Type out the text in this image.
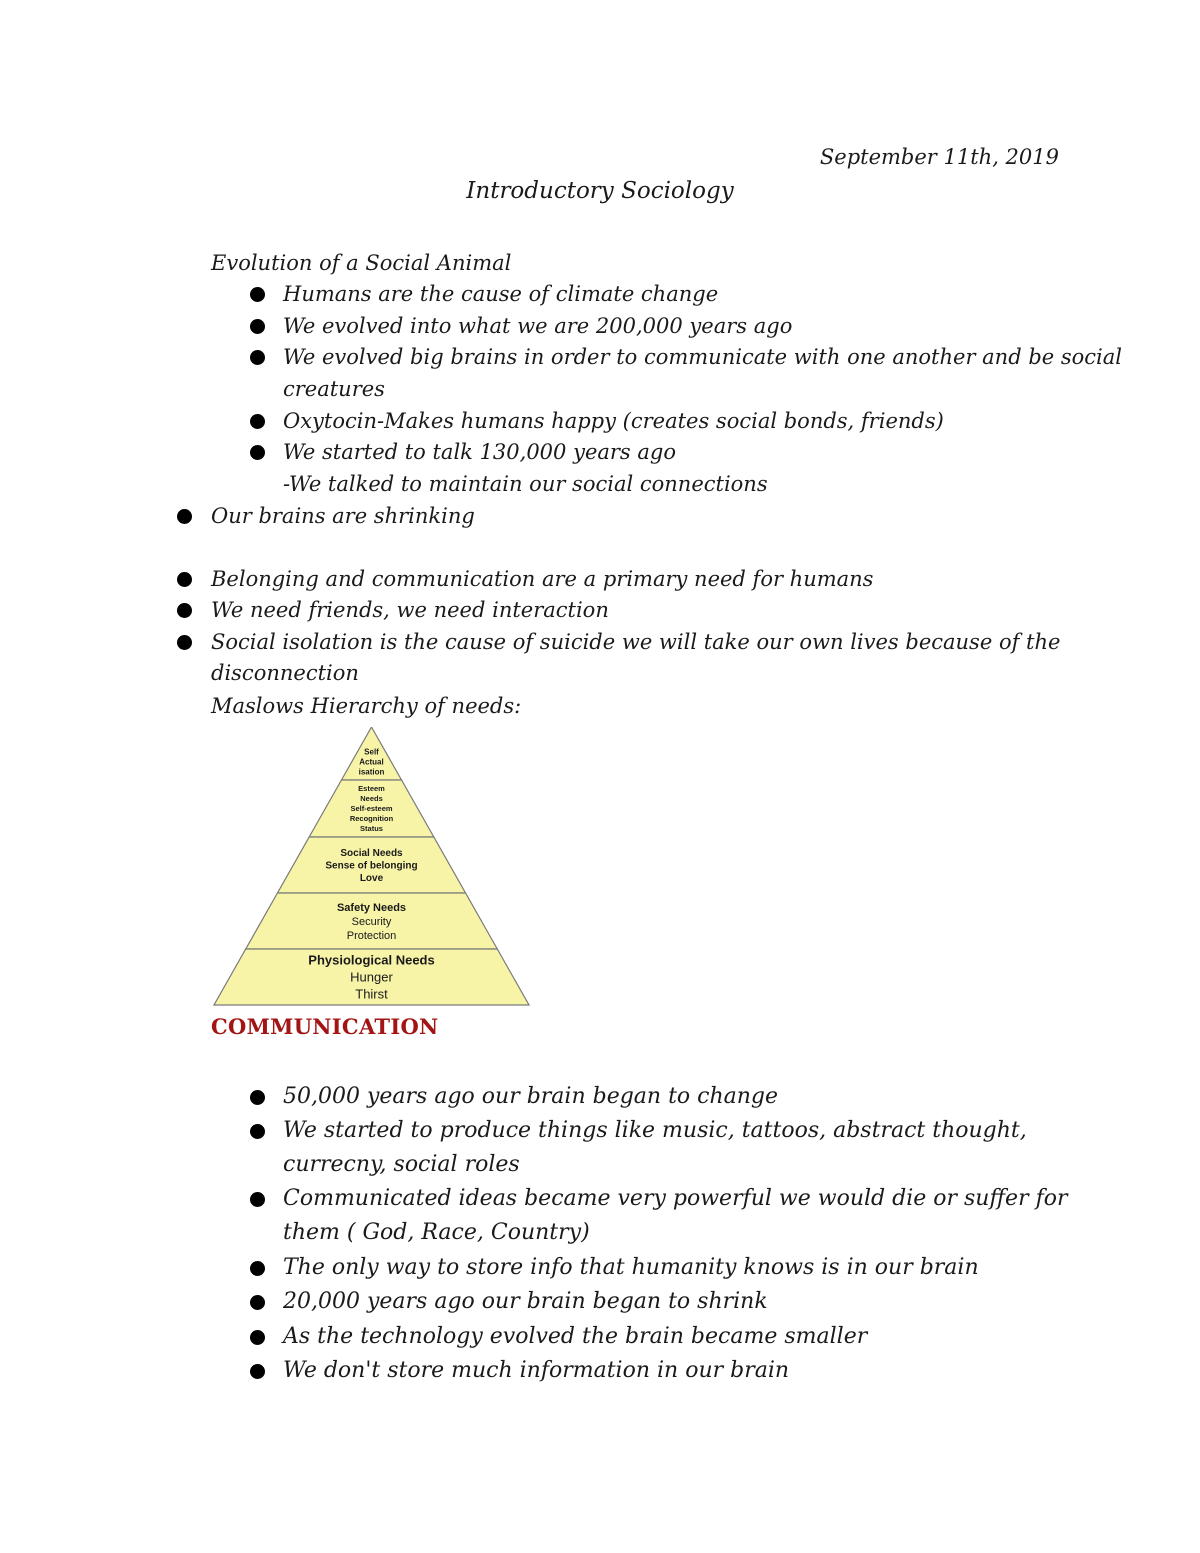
September 11th, 2019
Introductory Sociology
Evolution of a Social Animal
Humans are the cause of climate change
We evolved into what we are 200,000 years ago
We evolved big brains in order to communicate with one another and be social
creatures
Oxytocin-Makes humans happy (creates social bonds, friends)
We started to talk 130,000 years ago
-We talked to maintain our social connections
Our brains are shrinking
Belonging and communication are a primary need for humans
We need friends, we need interaction
Social isolation is the cause of suicide we will take our own lives because of the
disconnection
Maslows Hierarchy of needs:
Self
Actual
isation
Esteem
Needs
Self-esteem
Recognition
Status
Social Needs
Sense of belonging
Love
Safety Needs
Security
Protection
Physiological Needs
Hunger
Thirst
COMMUNICATION
50,000 years ago our brain began to change
We started to produce things like music, tattoos, abstract thought,
currecny, social roles
Communicated ideas became very powerful we would die or suffer for
them ( God, Race, Country)
The only way to store info that humanity knows is in our brain
20,000 years ago our brain began to shrink
As the technology evolved the brain became smaller
We don't store much information in our brain
